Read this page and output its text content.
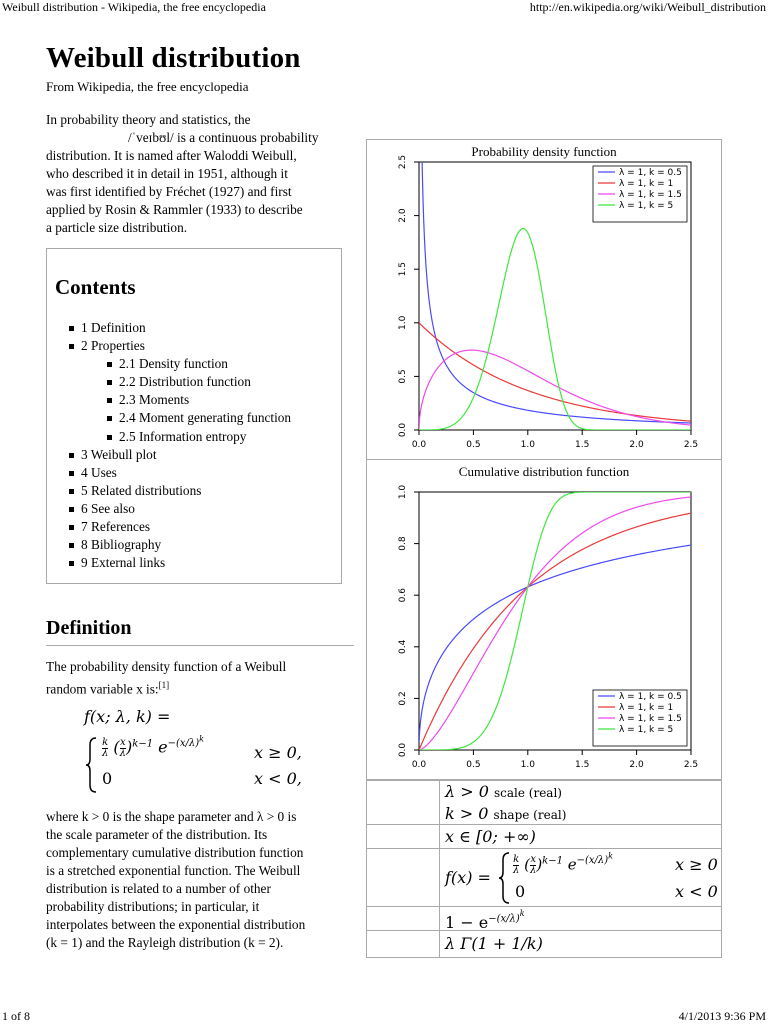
Weibull distribution - Wikipedia, the free encyclopedia	http://en.wikipedia.org/wiki/Weibull_distribution
Weibull distribution
From Wikipedia, the free encyclopedia
In probability theory and statistics, the
/ˈveɪbʊl/ is a continuous probability
distribution. It is named after Waloddi Weibull,
who described it in detail in 1951, although it
was first identified by Fréchet (1927) and first
applied by Rosin & Rammler (1933) to describe
a particle size distribution.
Contents
1 Definition
2 Properties
2.1 Density function
2.2 Distribution function
2.3 Moments
2.4 Moment generating function
2.5 Information entropy
3 Weibull plot
4 Uses
5 Related distributions
6 See also
7 References
8 Bibliography
9 External links
Definition
The probability density function of a Weibull
random variable x is:[1]
f(x; λ, k) =
$\frac{k}{\lambda}$ ( $\frac{x}{\lambda} )^{k-1}$ $e^{-(x/\lambda)^k}$
x ≥ 0,
0	x < 0,
where k > 0 is the shape parameter and λ > 0 is
the scale parameter of the distribution. Its
complementary cumulative distribution function
is a stretched exponential function. The Weibull
distribution is related to a number of other
probability distributions; in particular, it
interpolates between the exponential distribution
(k = 1) and the Rayleigh distribution (k = 2).
Probability density function
0.0	0.5	1.0	1.5	2.0	2.5
0.0
0.5
1.0
1.5
2.0
2.5
λ = 1, k = 0.5
λ = 1, k = 1
λ = 1, k = 1.5
λ = 1, k = 5
Cumulative distribution function
0.0	0.5	1.0	1.5	2.0	2.5
0.0
0.2
0.4
0.6
0.8
1.0
λ = 1, k = 0.5
λ = 1, k = 1
λ = 1, k = 1.5
λ = 1, k = 5
λ > 0 scale (real)
k > 0 shape (real)
x ∈ [0; +∞)
f(x) =
$\frac{k}{\lambda}$ ( $\frac{x}{\lambda} )^{k-1}$ $e^{-(x/\lambda)^k}$	x ≥ 0
0	x < 0
$1 - e^{-(x/\lambda)k}$
λ Γ(1 + 1/k)
1 of 8	4/1/2013 9:36 PM
